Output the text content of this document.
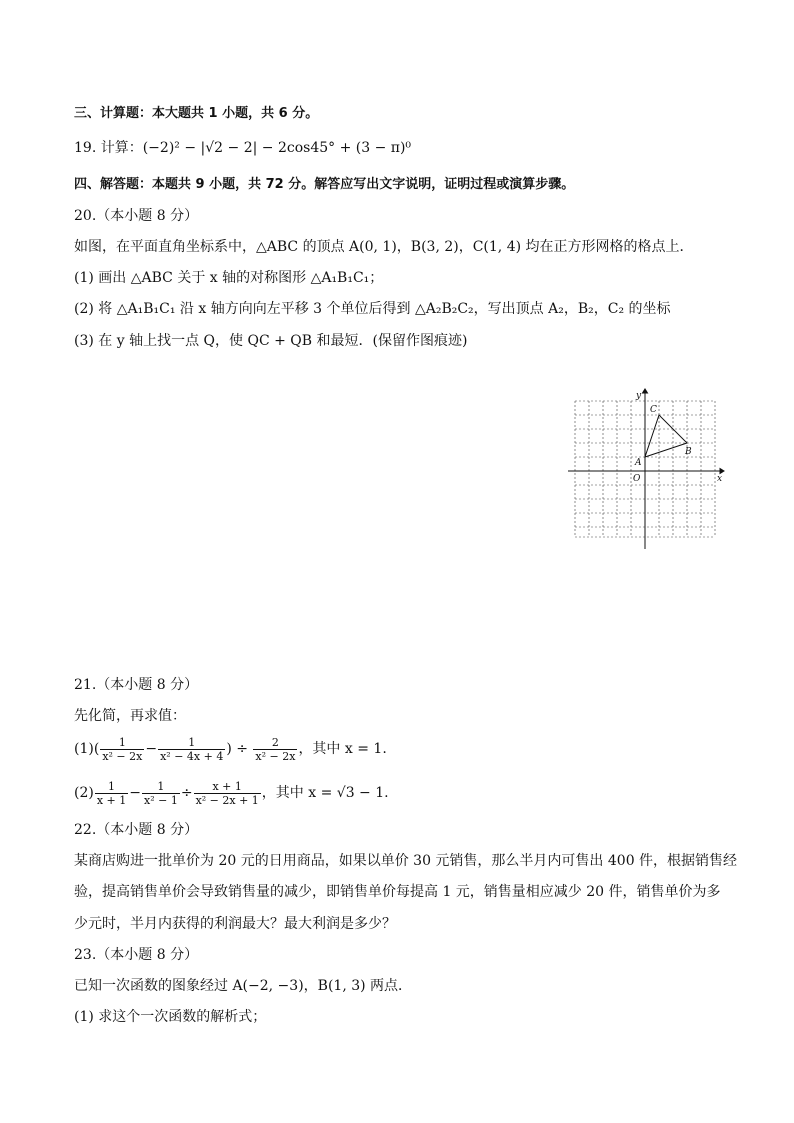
三、计算题：本大题共 1 小题，共 6 分。
19. 计算：(−2)² − |√2 − 2| − 2cos45° + (3 − π)⁰
四、解答题：本题共 9 小题，共 72 分。解答应写出文字说明，证明过程或演算步骤。
20.（本小题 8 分）
如图，在平面直角坐标系中，△ABC 的顶点 A(0, 1)，B(3, 2)，C(1, 4) 均在正方形网格的格点上．
(1) 画出 △ABC 关于 x 轴的对称图形 △A₁B₁C₁；
(2) 将 △A₁B₁C₁ 沿 x 轴方向向左平移 3 个单位后得到 △A₂B₂C₂，写出顶点 A₂，B₂，C₂ 的坐标
(3) 在 y 轴上找一点 Q，使 QC + QB 和最短．(保留作图痕迹)
x
y
O
A
B
C
21.（本小题 8 分）
先化简，再求值：
$(1)( \frac{1}{\text{x² − 2x}} - \frac{1}{\text{x² − 4x + 4}}$ ) ÷ $\frac{2}{\text{x² − 2x}}$ ，其中 x = 1.
$(2) \frac{1}{x + 1} - \frac{1}{\text{x² − 1}} \div \frac{x + 1}{\text{x² − 2x + 1}}$ ，其中 x = √3 − 1.
22.（本小题 8 分）
某商店购进一批单价为 20 元的日用商品，如果以单价 30 元销售，那么半月内可售出 400 件，根据销售经
验，提高销售单价会导致销售量的减少，即销售单价每提高 1 元，销售量相应减少 20 件，销售单价为多
少元时，半月内获得的利润最大？最大利润是多少？
23.（本小题 8 分）
已知一次函数的图象经过 A(−2, −3)，B(1, 3) 两点．
(1) 求这个一次函数的解析式；
